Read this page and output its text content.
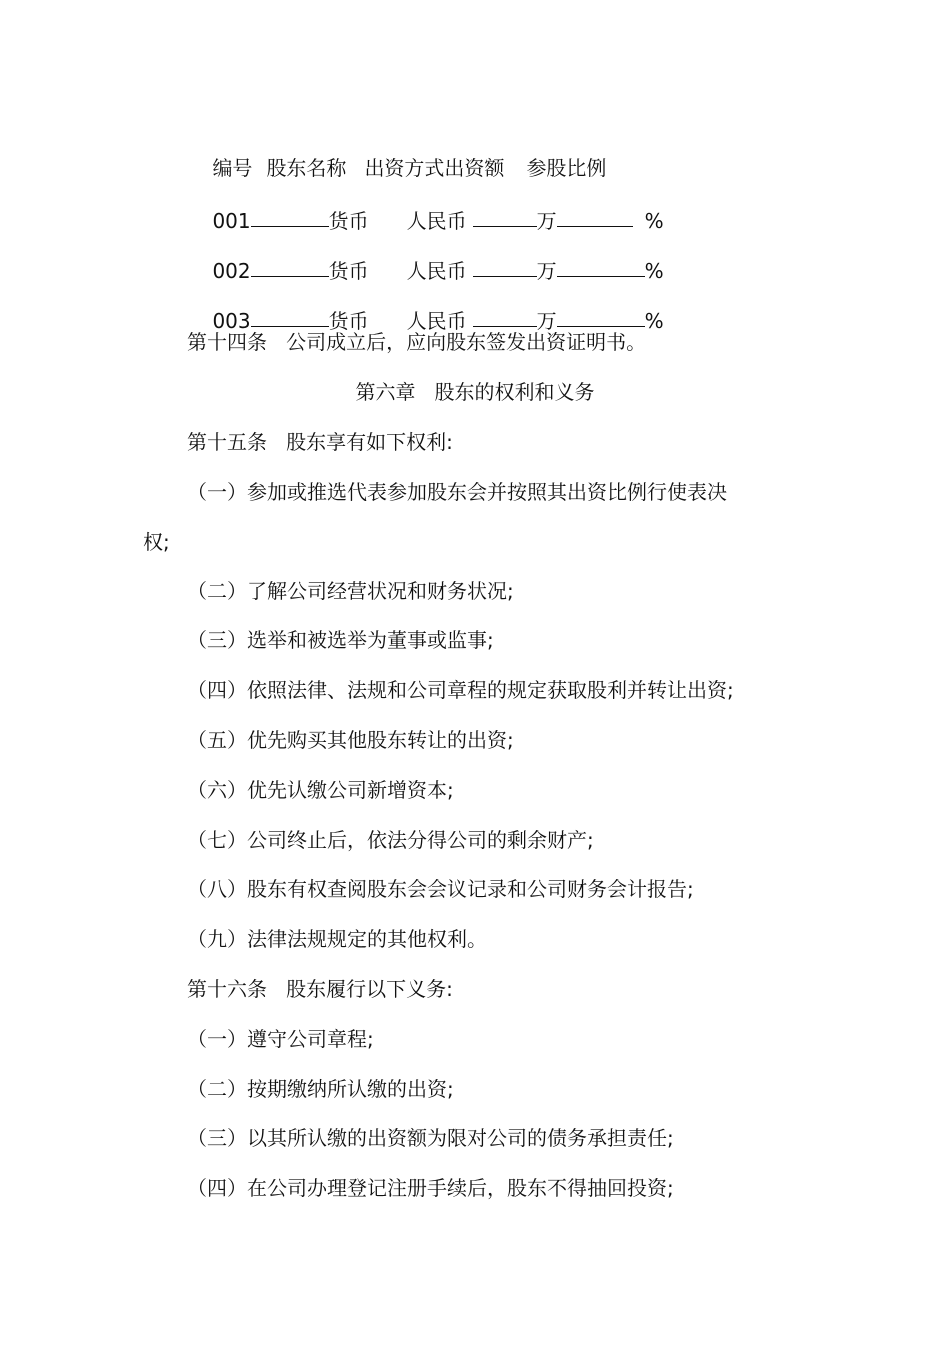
编号 股东名称 出资方式出资额 参股比例

001	货币 人民币	万	%

002	货币 人民币	万	%

003	货币 人民币	万	%

第十四条   公司成立后，应向股东签发出资证明书。
第六章   股东的权利和义务
第十五条   股东享有如下权利:
（一）参加或推选代表参加股东会并按照其出资比例行使表决
权;
（二）了解公司经营状况和财务状况;
（三）选举和被选举为董事或监事;
（四）依照法律、法规和公司章程的规定获取股利并转让出资;
（五）优先购买其他股东转让的出资;
（六）优先认缴公司新增资本;
（七）公司终止后，依法分得公司的剩余财产;
（八）股东有权查阅股东会会议记录和公司财务会计报告;
（九）法律法规规定的其他权利。
第十六条   股东履行以下义务:
（一）遵守公司章程;
（二）按期缴纳所认缴的出资;
（三）以其所认缴的出资额为限对公司的债务承担责任;
（四）在公司办理登记注册手续后，股东不得抽回投资;
